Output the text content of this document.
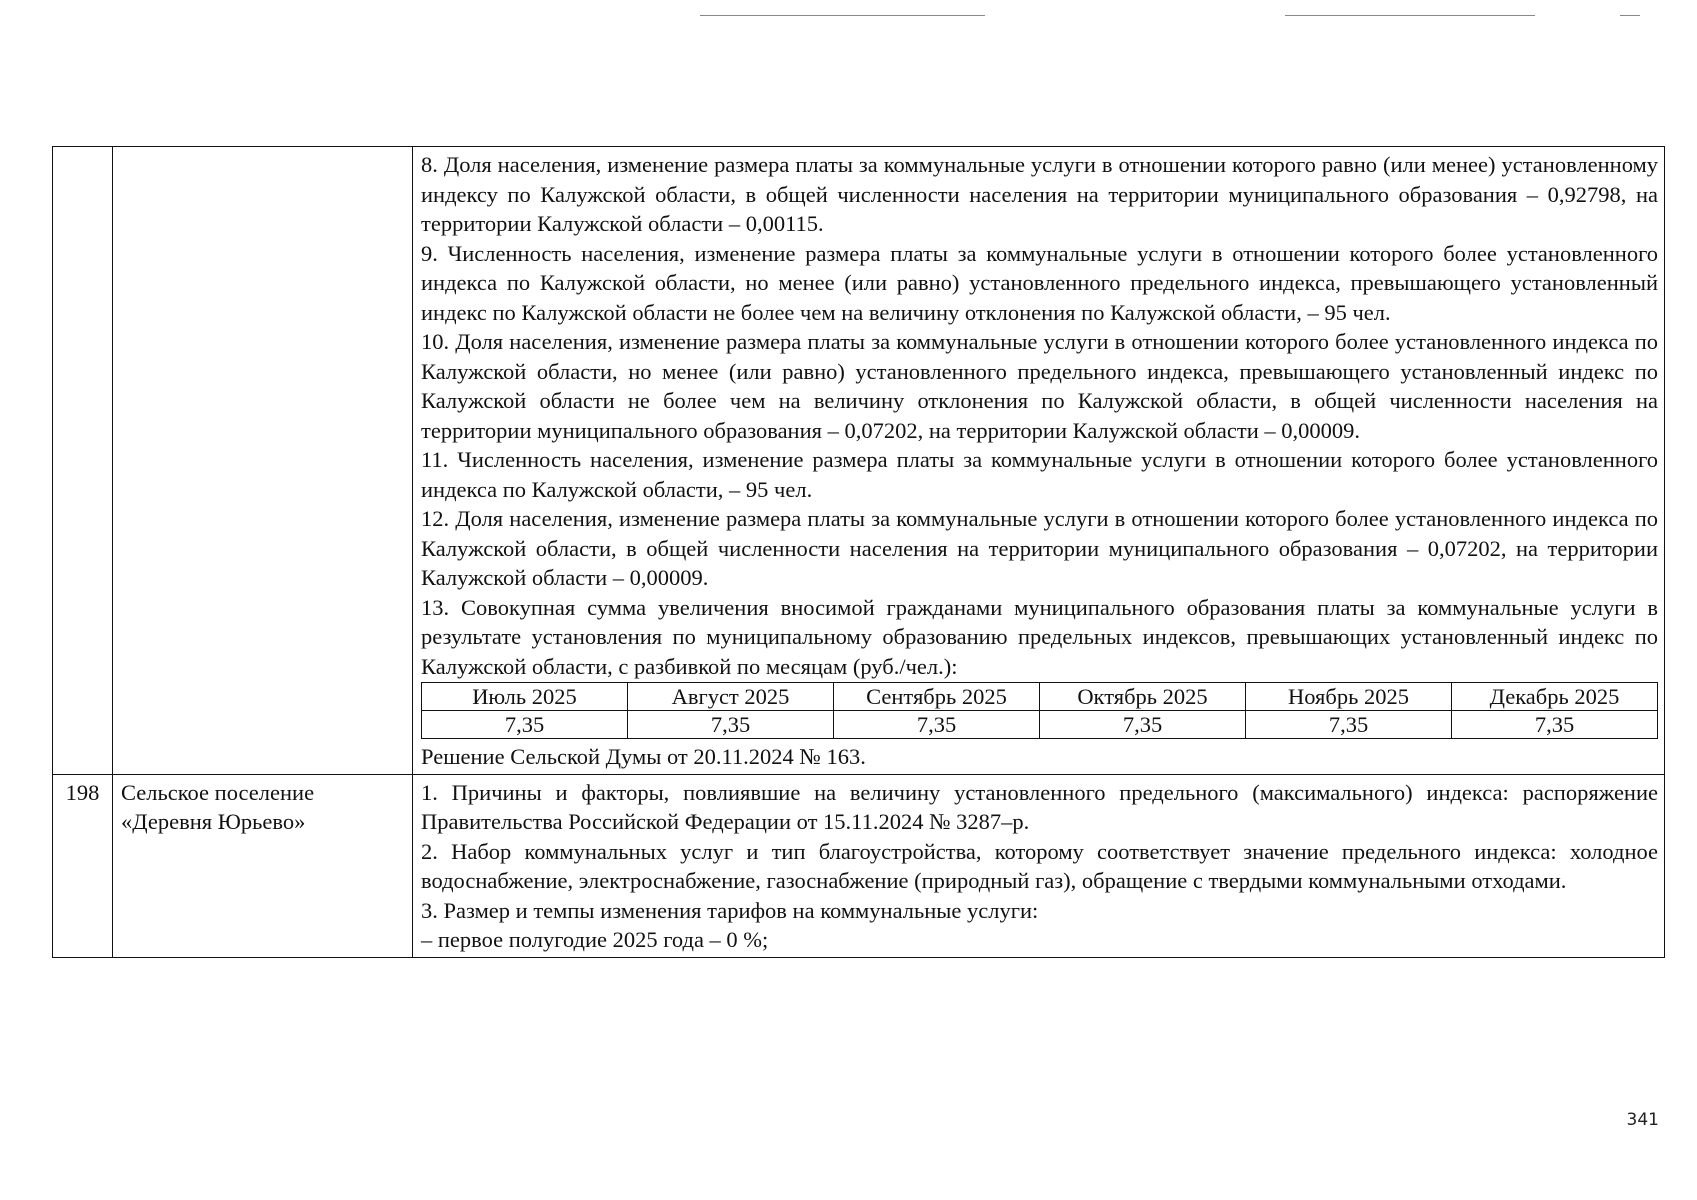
8. Доля населения, изменение размера платы за коммунальные услуги в отношении которого равно (или менее) установленному индексу по Калужской области, в общей численности населения на территории муниципального образования – 0,92798, на территории Калужской области – 0,00115.

9. Численность населения, изменение размера платы за коммунальные услуги в отношении которого более установленного индекса по Калужской области, но менее (или равно) установленного предельного индекса, превышающего установленный индекс по Калужской области не более чем на величину отклонения по Калужской области, – 95 чел.

10. Доля населения, изменение размера платы за коммунальные услуги в отношении которого более установленного индекса по Калужской области, но менее (или равно) установленного предельного индекса, превышающего установленный индекс по Калужской области не более чем на величину отклонения по Калужской области, в общей численности населения на территории муниципального образования – 0,07202, на территории Калужской области – 0,00009.

11. Численность населения, изменение размера платы за коммунальные услуги в отношении которого более установленного индекса по Калужской области, – 95 чел.

12. Доля населения, изменение размера платы за коммунальные услуги в отношении которого более установленного индекса по Калужской области, в общей численности населения на территории муниципального образования – 0,07202, на территории Калужской области – 0,00009.

13. Совокупная сумма увеличения вносимой гражданами муниципального образования платы за коммунальные услуги в результате установления по муниципальному образованию предельных индексов, превышающих установленный индекс по Калужской области, с разбивкой по месяцам (руб./чел.):

Июль 2025	Август 2025	Сентябрь 2025	Октябрь 2025	Ноябрь 2025	Декабрь 2025
7,35	7,35	7,35	7,35	7,35	7,35

Решение Сельской Думы от 20.11.2024 № 163.

198	Сельское поселение «Деревня Юрьево»	

1. Причины и факторы, повлиявшие на величину установленного предельного (максимального) индекса: распоряжение Правительства Российской Федерации от 15.11.2024 № 3287–р.

2. Набор коммунальных услуг и тип благоустройства, которому соответствует значение предельного индекса: холодное водоснабжение, электроснабжение, газоснабжение (природный газ), обращение с твердыми коммунальными отходами.

3. Размер и темпы изменения тарифов на коммунальные услуги:

– первое полугодие 2025 года – 0 %;

341
